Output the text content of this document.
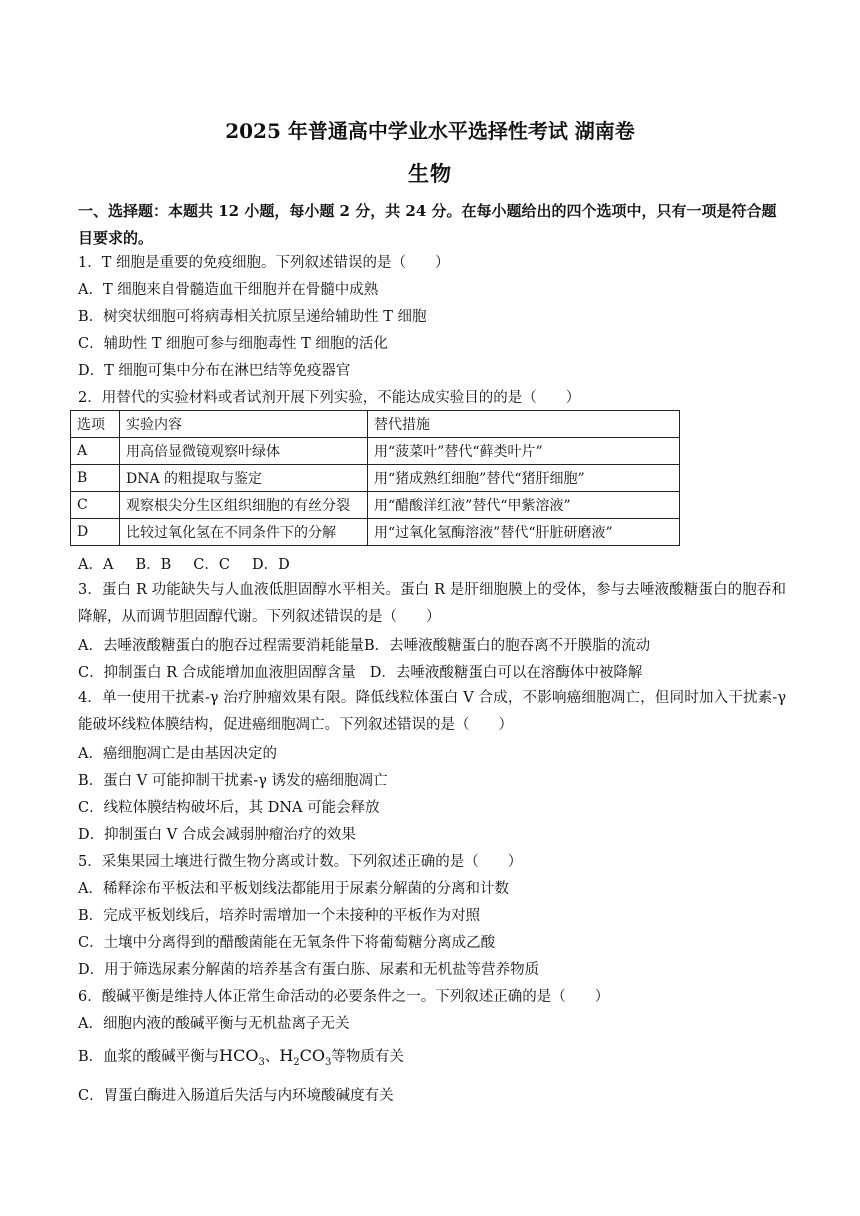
2025 年普通高中学业水平选择性考试 湖南卷
生物
一、选择题：本题共 12 小题，每小题 2 分，共 24 分。在每小题给出的四个选项中，只有一项是符合题目要求的。
1．T 细胞是重要的免疫细胞。下列叙述错误的是（　　）
A．T 细胞来自骨髓造血干细胞并在骨髓中成熟
B．树突状细胞可将病毒相关抗原呈递给辅助性 T 细胞
C．辅助性 T 细胞可参与细胞毒性 T 细胞的活化
D．T 细胞可集中分布在淋巴结等免疫器官
2．用替代的实验材料或者试剂开展下列实验，不能达成实验目的的是（　　）
选项	实验内容	替代措施
A	用高倍显微镜观察叶绿体	用“菠菜叶”替代“藓类叶片”
B	DNA 的粗提取与鉴定	用“猪成熟红细胞”替代“猪肝细胞”
C	观察根尖分生区组织细胞的有丝分裂	用“醋酸洋红液”替代“甲紫溶液”
D	比较过氧化氢在不同条件下的分解	用“过氧化氢酶溶液”替代“肝脏研磨液”
A．A B．B C．C D．D
3．蛋白 R 功能缺失与人血液低胆固醇水平相关。蛋白 R 是肝细胞膜上的受体，参与去唾液酸糖蛋白的胞吞和降解，从而调节胆固醇代谢。下列叙述错误的是（　　）
A．去唾液酸糖蛋白的胞吞过程需要消耗能量B．去唾液酸糖蛋白的胞吞离不开膜脂的流动
C．抑制蛋白 R 合成能增加血液胆固醇含量 D．去唾液酸糖蛋白可以在溶酶体中被降解
4．单一使用干扰素-γ 治疗肿瘤效果有限。降低线粒体蛋白 V 合成，不影响癌细胞凋亡，但同时加入干扰素-γ 能破坏线粒体膜结构，促进癌细胞凋亡。下列叙述错误的是（　　）
A．癌细胞凋亡是由基因决定的
B．蛋白 V 可能抑制干扰素-γ 诱发的癌细胞凋亡
C．线粒体膜结构破坏后，其 DNA 可能会释放
D．抑制蛋白 V 合成会减弱肿瘤治疗的效果
5．采集果园土壤进行微生物分离或计数。下列叙述正确的是（　　）
A．稀释涂布平板法和平板划线法都能用于尿素分解菌的分离和计数
B．完成平板划线后，培养时需增加一个未接种的平板作为对照
C．土壤中分离得到的醋酸菌能在无氧条件下将葡萄糖分离成乙酸
D．用于筛选尿素分解菌的培养基含有蛋白胨、尿素和无机盐等营养物质
6．酸碱平衡是维持人体正常生命活动的必要条件之一。下列叙述正确的是（　　）
A．细胞内液的酸碱平衡与无机盐离子无关
B．血浆的酸碱平衡与$HCO_3$、$H_2CO_3$等物质有关
C．胃蛋白酶进入肠道后失活与内环境酸碱度有关
